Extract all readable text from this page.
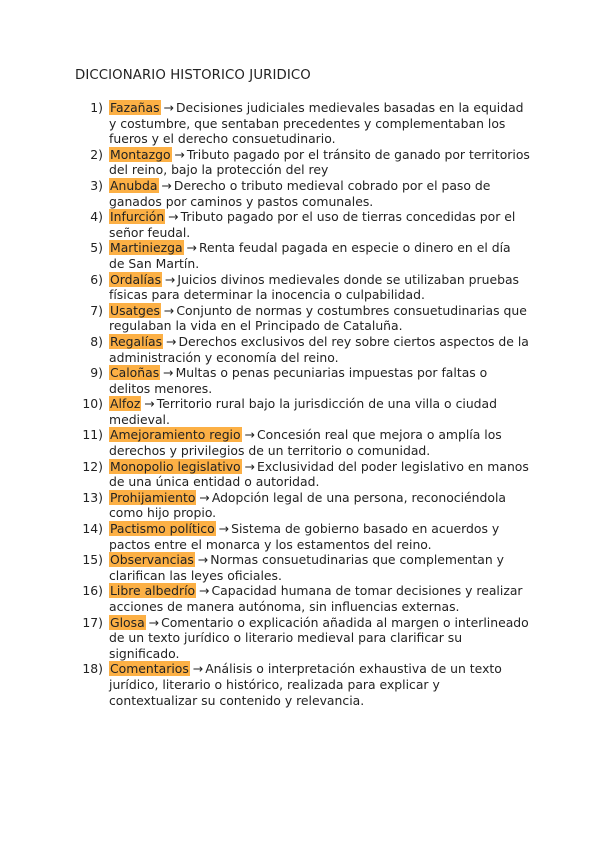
DICCIONARIO HISTORICO JURIDICO
1) Fazañas → Decisiones judiciales medievales basadas en la equidad y costumbre, que sentaban precedentes y complementaban los fueros y el derecho consuetudinario.
2) Montazgo → Tributo pagado por el tránsito de ganado por territorios del reino, bajo la protección del rey
3) Anubda → Derecho o tributo medieval cobrado por el paso de ganados por caminos y pastos comunales.
4) Infurción → Tributo pagado por el uso de tierras concedidas por el señor feudal.
5) Martiniezga → Renta feudal pagada en especie o dinero en el día de San Martín.
6) Ordalías → Juicios divinos medievales donde se utilizaban pruebas físicas para determinar la inocencia o culpabilidad.
7) Usatges → Conjunto de normas y costumbres consuetudinarias que regulaban la vida en el Principado de Cataluña.
8) Regalías → Derechos exclusivos del rey sobre ciertos aspectos de la administración y economía del reino.
9) Caloñas → Multas o penas pecuniarias impuestas por faltas o delitos menores.
10) Alfoz → Territorio rural bajo la jurisdicción de una villa o ciudad medieval.
11) Amejoramiento regio → Concesión real que mejora o amplía los derechos y privilegios de un territorio o comunidad.
12) Monopolio legislativo → Exclusividad del poder legislativo en manos de una única entidad o autoridad.
13) Prohijamiento → Adopción legal de una persona, reconociéndola como hijo propio.
14) Pactismo político → Sistema de gobierno basado en acuerdos y pactos entre el monarca y los estamentos del reino.
15) Observancias → Normas consuetudinarias que complementan y clarifican las leyes oficiales.
16) Libre albedrío → Capacidad humana de tomar decisiones y realizar acciones de manera autónoma, sin influencias externas.
17) Glosa → Comentario o explicación añadida al margen o interlineado de un texto jurídico o literario medieval para clarificar su significado.
18) Comentarios → Análisis o interpretación exhaustiva de un texto jurídico, literario o histórico, realizada para explicar y contextualizar su contenido y relevancia.
